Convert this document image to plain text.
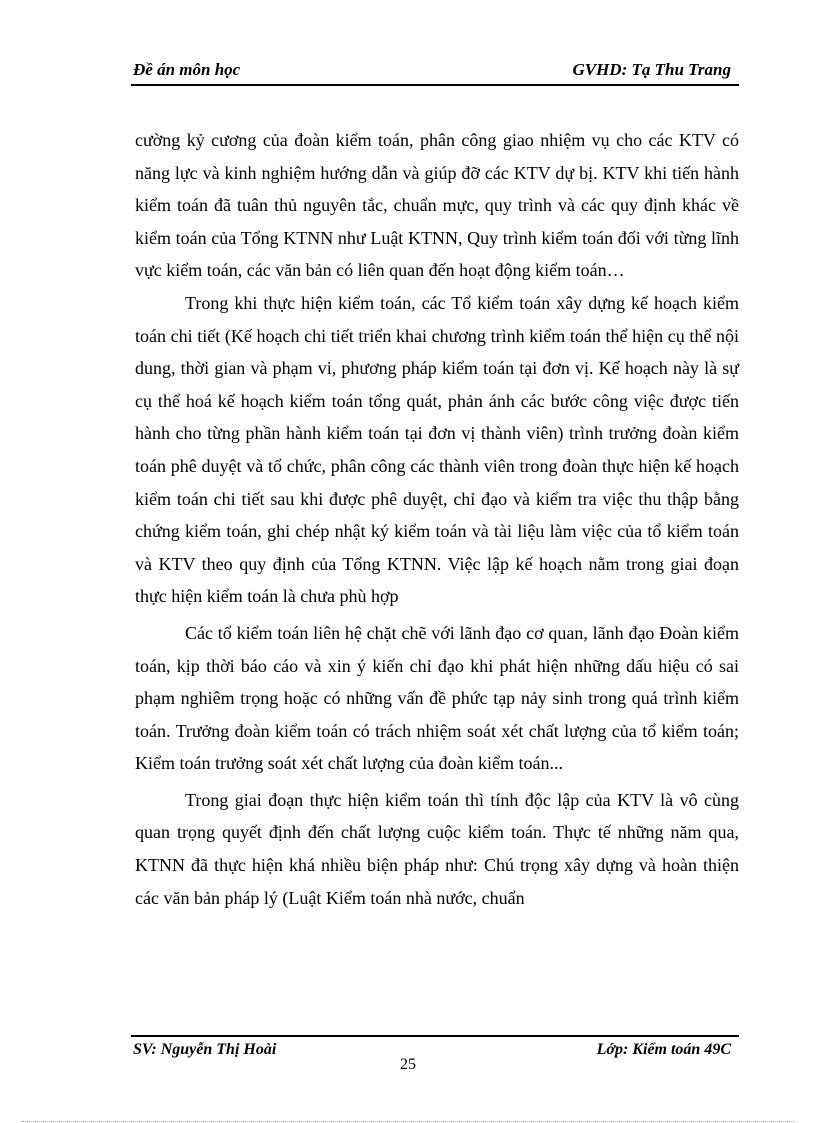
Đề án môn học	GVHD: Tạ Thu Trang

cường kỷ cương của đoàn kiểm toán, phân công giao nhiệm vụ cho các KTV có năng lực và kinh nghiệm hướng dẫn và giúp đỡ các KTV dự bị. KTV khi tiến hành kiểm toán đã tuân thủ nguyên tắc, chuẩn mực, quy trình và các quy định khác về kiểm toán của Tổng KTNN như Luật KTNN, Quy trình kiểm toán đối với từng lĩnh vực kiểm toán, các văn bản có liên quan đến hoạt động kiểm toán…

Trong khi thực hiện kiểm toán, các Tổ kiểm toán xây dựng kế hoạch kiểm toán chi tiết (Kế hoạch chi tiết triển khai chương trình kiểm toán thể hiện cụ thể nội dung, thời gian và phạm vi, phương pháp kiểm toán tại đơn vị. Kế hoạch này là sự cụ thể hoá kế hoạch kiểm toán tổng quát, phản ánh các bước công việc được tiến hành cho từng phần hành kiểm toán tại đơn vị thành viên) trình trưởng đoàn kiểm toán phê duyệt và tổ chức, phân công các thành viên trong đoàn thực hiện kế hoạch kiểm toán chi tiết sau khi được phê duyệt, chỉ đạo và kiểm tra việc thu thập bằng chứng kiểm toán, ghi chép nhật ký kiểm toán và tài liệu làm việc của tổ kiểm toán và KTV theo quy định của Tổng KTNN. Việc lập kế hoạch nằm trong giai đoạn thực hiện kiểm toán là chưa phù hợp

Các tổ kiểm toán liên hệ chặt chẽ với lãnh đạo cơ quan, lãnh đạo Đoàn kiểm toán, kịp thời báo cáo và xin ý kiến chỉ đạo khi phát hiện những dấu hiệu có sai phạm nghiêm trọng hoặc có những vấn đề phức tạp nảy sinh trong quá trình kiểm toán. Trưởng đoàn kiểm toán có trách nhiệm soát xét chất lượng của tổ kiểm toán; Kiểm toán trưởng soát xét chất lượng của đoàn kiểm toán...

Trong giai đoạn thực hiện kiểm toán thì tính độc lập của KTV là vô cùng quan trọng quyết định đến chất lượng cuộc kiểm toán. Thực tế những năm qua, KTNN đã thực hiện khá nhiều biện pháp như: Chú trọng xây dựng và hoàn thiện các văn bản pháp lý (Luật Kiểm toán nhà nước, chuẩn

SV: Nguyễn Thị Hoài	Lớp: Kiểm toán 49C
25
